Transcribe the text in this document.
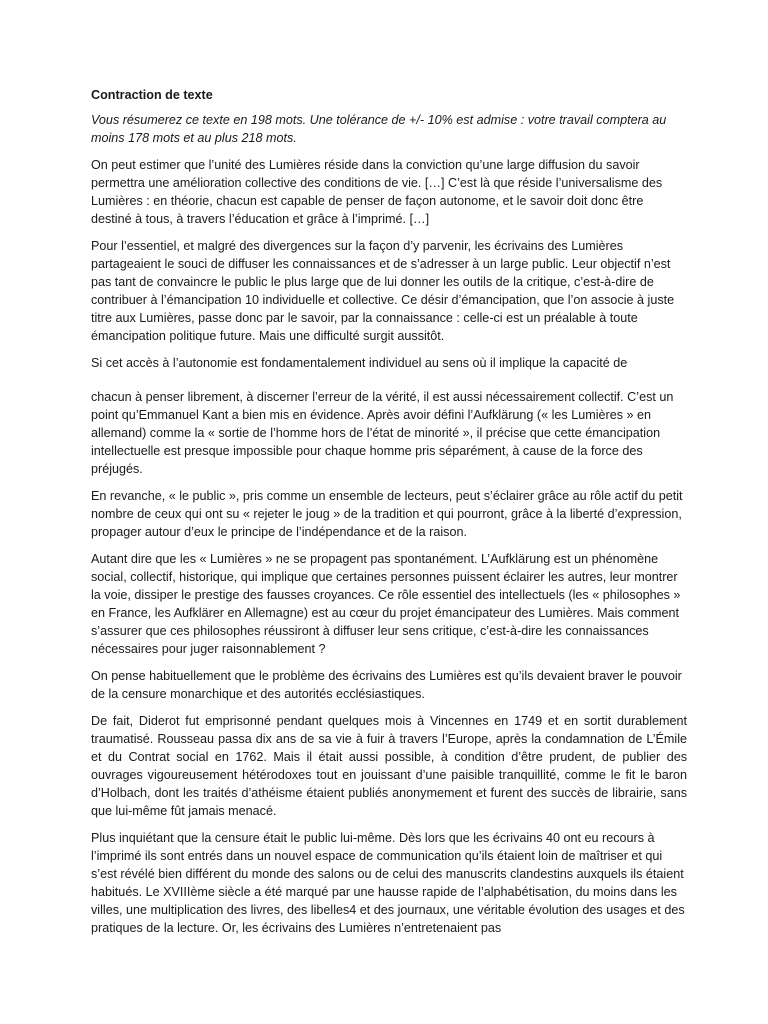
Contraction de texte
Vous résumerez ce texte en 198 mots. Une tolérance de +/- 10% est admise : votre travail comptera au moins 178 mots et au plus 218 mots.

On peut estimer que l’unité des Lumières réside dans la conviction qu’une large diffusion du savoir permettra une amélioration collective des conditions de vie. […] C’est là que réside l’universalisme des Lumières : en théorie, chacun est capable de penser de façon autonome, et le savoir doit donc être destiné à tous, à travers l’éducation et grâce à l’imprimé. […]

Pour l’essentiel, et malgré des divergences sur la façon d’y parvenir, les écrivains des Lumières partageaient le souci de diffuser les connaissances et de s’adresser à un large public. Leur objectif n’est pas tant de convaincre le public le plus large que de lui donner les outils de la critique, c’est-à-dire de contribuer à l’émancipation 10 individuelle et collective. Ce désir d’émancipation, que l’on associe à juste titre aux Lumières, passe donc par le savoir, par la connaissance : celle-ci est un préalable à toute émancipation politique future. Mais une difficulté surgit aussitôt.

Si cet accès à l’autonomie est fondamentalement individuel au sens où il implique la capacité de

chacun à penser librement, à discerner l’erreur de la vérité, il est aussi nécessairement collectif. C’est un point qu’Emmanuel Kant a bien mis en évidence. Après avoir défini l’Aufklärung (« les Lumières » en allemand) comme la « sortie de l’homme hors de l’état de minorité », il précise que cette émancipation intellectuelle est presque impossible pour chaque homme pris séparément, à cause de la force des préjugés.

En revanche, « le public », pris comme un ensemble de lecteurs, peut s’éclairer grâce au rôle actif du petit nombre de ceux qui ont su « rejeter le joug » de la tradition et qui pourront, grâce à la liberté d’expression, propager autour d’eux le principe de l’indépendance et de la raison.

Autant dire que les « Lumières » ne se propagent pas spontanément. L’Aufklärung est un phénomène social, collectif, historique, qui implique que certaines personnes puissent éclairer les autres, leur montrer la voie, dissiper le prestige des fausses croyances. Ce rôle essentiel des intellectuels (les « philosophes » en France, les Aufklärer en Allemagne) est au cœur du projet émancipateur des Lumières. Mais comment s’assurer que ces philosophes réussiront à diffuser leur sens critique, c’est-à-dire les connaissances nécessaires pour juger raisonnablement ?

On pense habituellement que le problème des écrivains des Lumières est qu’ils devaient braver le pouvoir de la censure monarchique et des autorités ecclésiastiques.

De fait, Diderot fut emprisonné pendant quelques mois à Vincennes en 1749 et en sortit durablement traumatisé. Rousseau passa dix ans de sa vie à fuir à travers l’Europe, après la condamnation de L’Émile et du Contrat social en 1762. Mais il était aussi possible, à condition d’être prudent, de publier des ouvrages vigoureusement hétérodoxes tout en jouissant d’une paisible tranquillité, comme le fit le baron d’Holbach, dont les traités d’athéisme étaient publiés anonymement et furent des succès de librairie, sans que lui-même fût jamais menacé.

Plus inquiétant que la censure était le public lui-même. Dès lors que les écrivains 40 ont eu recours à l’imprimé ils sont entrés dans un nouvel espace de communication qu’ils étaient loin de maîtriser et qui s’est révélé bien différent du monde des salons ou de celui des manuscrits clandestins auxquels ils étaient habitués. Le XVIIIème siècle a été marqué par une hausse rapide de l’alphabétisation, du moins dans les villes, une multiplication des livres, des libelles4 et des journaux, une véritable évolution des usages et des pratiques de la lecture. Or, les écrivains des Lumières n’entretenaient pas
